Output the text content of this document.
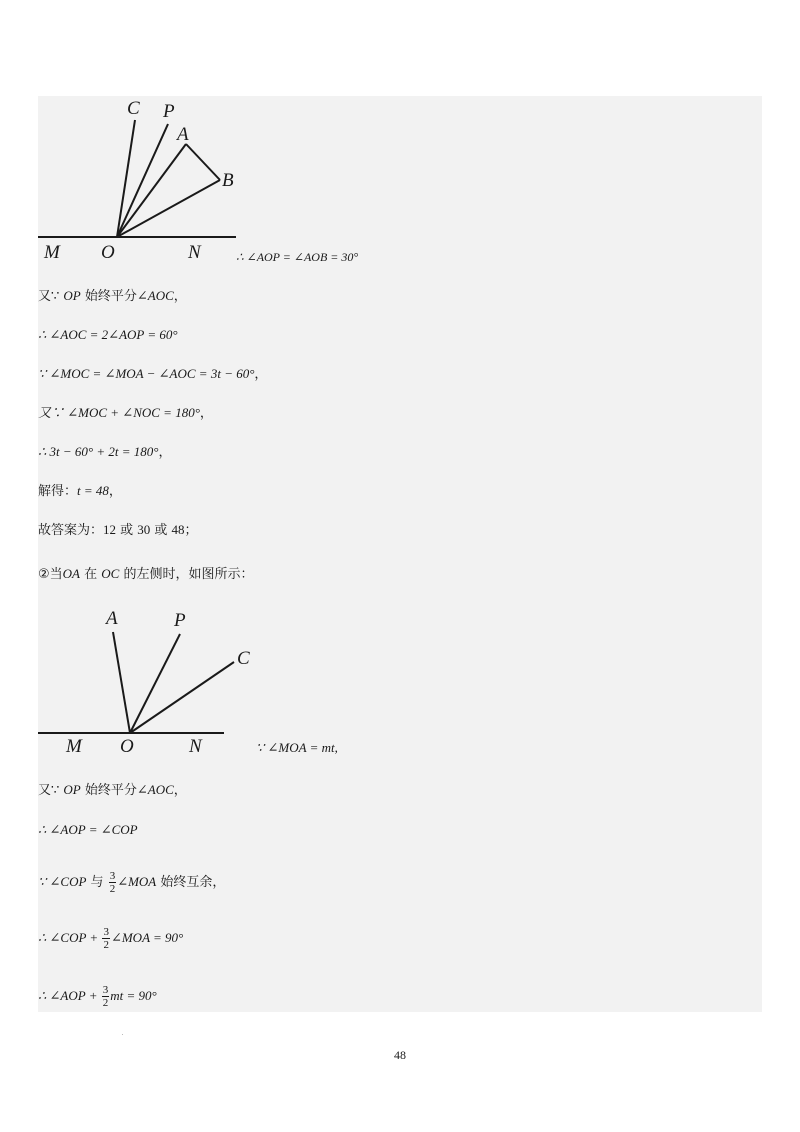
C P
A
B
M O	N	∴ ∠AOP = ∠AOB = 30°
又∵ OP 始终平分∠AOC，
∴ ∠AOC = 2∠AOP = 60°
∵ ∠MOC = ∠MOA − ∠AOC = 3t − 60°，
又∵ ∠MOC + ∠NOC = 180°，
∴ 3t − 60° + 2t = 180°，
解得：t = 48，
故答案为：12 或 30 或 48；
②当OA 在 OC 的左侧时，如图所示：
A	P
C
M O	N	∵ ∠MOA = mt,
又∵ OP 始终平分∠AOC，
∴ ∠AOP = ∠COP
∵ ∠COP 与 $\frac{3}{2}$ ∠MOA 始终互余，
∴ ∠COP + $\frac{3}{2}$ ∠MOA = 90°
∴ ∠AOP + $\frac{3}{2}$ mt = 90°
48
